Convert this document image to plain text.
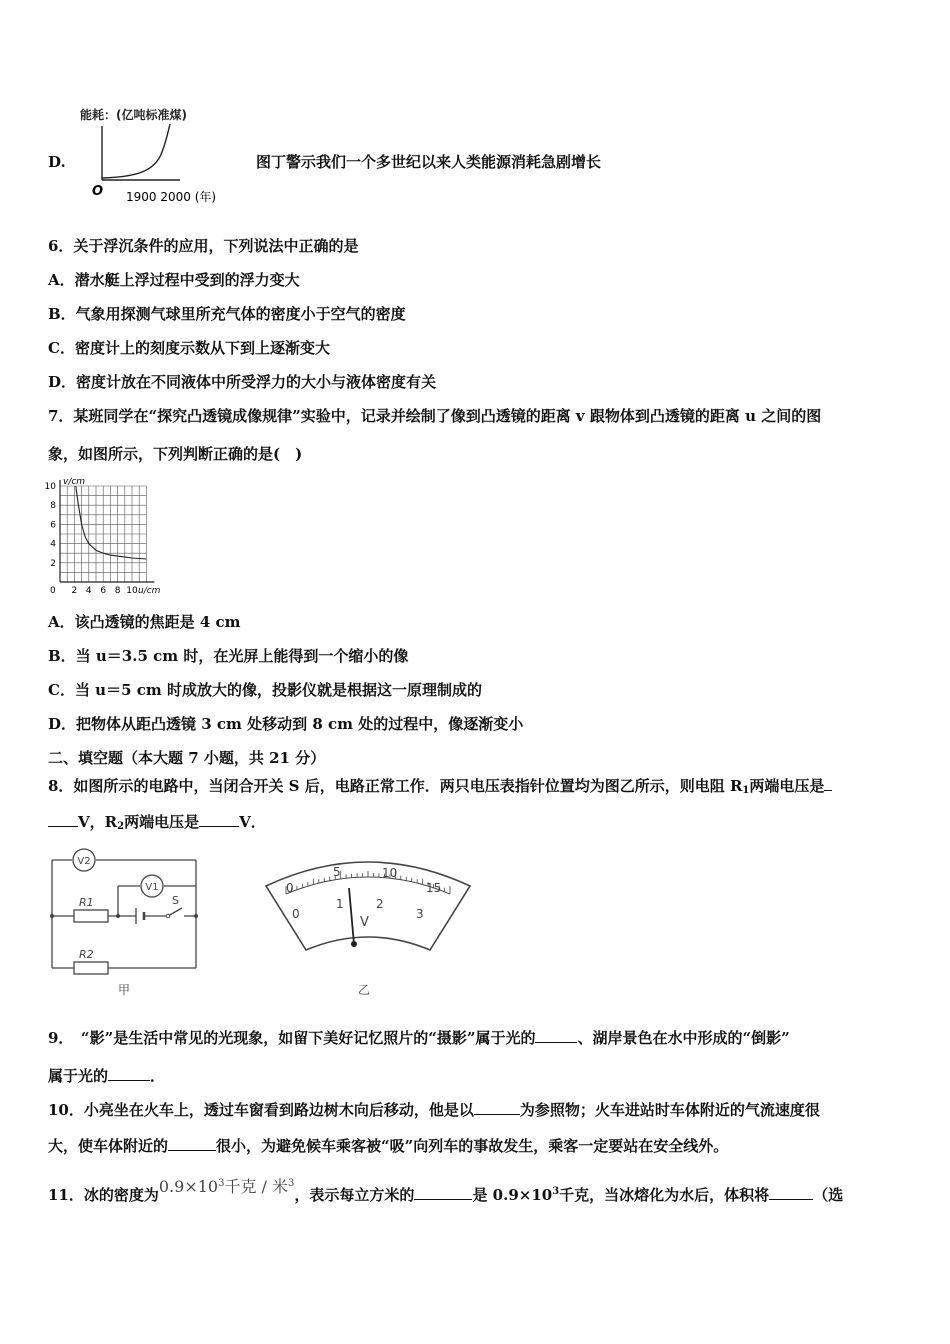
D.
能耗：(亿吨标准煤)
O 1900 2000 (年)
图丁警示我们一个多世纪以来人类能源消耗急剧增长
6．关于浮沉条件的应用，下列说法中正确的是
A．潜水艇上浮过程中受到的浮力变大
B．气象用探测气球里所充气体的密度小于空气的密度
C．密度计上的刻度示数从下到上逐渐变大
D．密度计放在不同液体中所受浮力的大小与液体密度有关
7．某班同学在“探究凸透镜成像规律”实验中，记录并绘制了像到凸透镜的距离 v 跟物体到凸透镜的距离 u 之间的图
象，如图所示，下列判断正确的是(　)
2 4 6 8 10
2
4
6
8
10 v/cm
u/cm
0
A．该凸透镜的焦距是 4 cm
B．当 u＝3.5 cm 时，在光屏上能得到一个缩小的像
C．当 u＝5 cm 时成放大的像，投影仪就是根据这一原理制成的
D．把物体从距凸透镜 3 cm 处移动到 8 cm 处的过程中，像逐渐变小
二、填空题（本大题 7 小题，共 21 分）
8．如图所示的电路中，当闭合开关 S 后，电路正常工作．两只电压表指针位置均为图乙所示，则电阻 $R_1$两端电压是
V，$R_2$两端电压是	V．
V2
V1
R1
R2
S
甲
0
5	10
15
0
1	2
3
V
乙
9．　“影”是生活中常见的光现象，如留下美好记忆照片的“摄影”属于光的	、湖岸景色在水中形成的“倒影”
属于光的	．
10．小亮坐在火车上，透过车窗看到路边树木向后移动，他是以	为参照物；火车进站时车体附近的气流速度很
大，使车体附近的	很小，为避免候车乘客被“吸”向列车的事故发生，乘客一定要站在安全线外。
11．冰的密度为$0.9\times 10^3$千克 / 米$^3$，表示每立方米的	是 $0.9\times 10^3$千克，当冰熔化为水后，体积将	（选
